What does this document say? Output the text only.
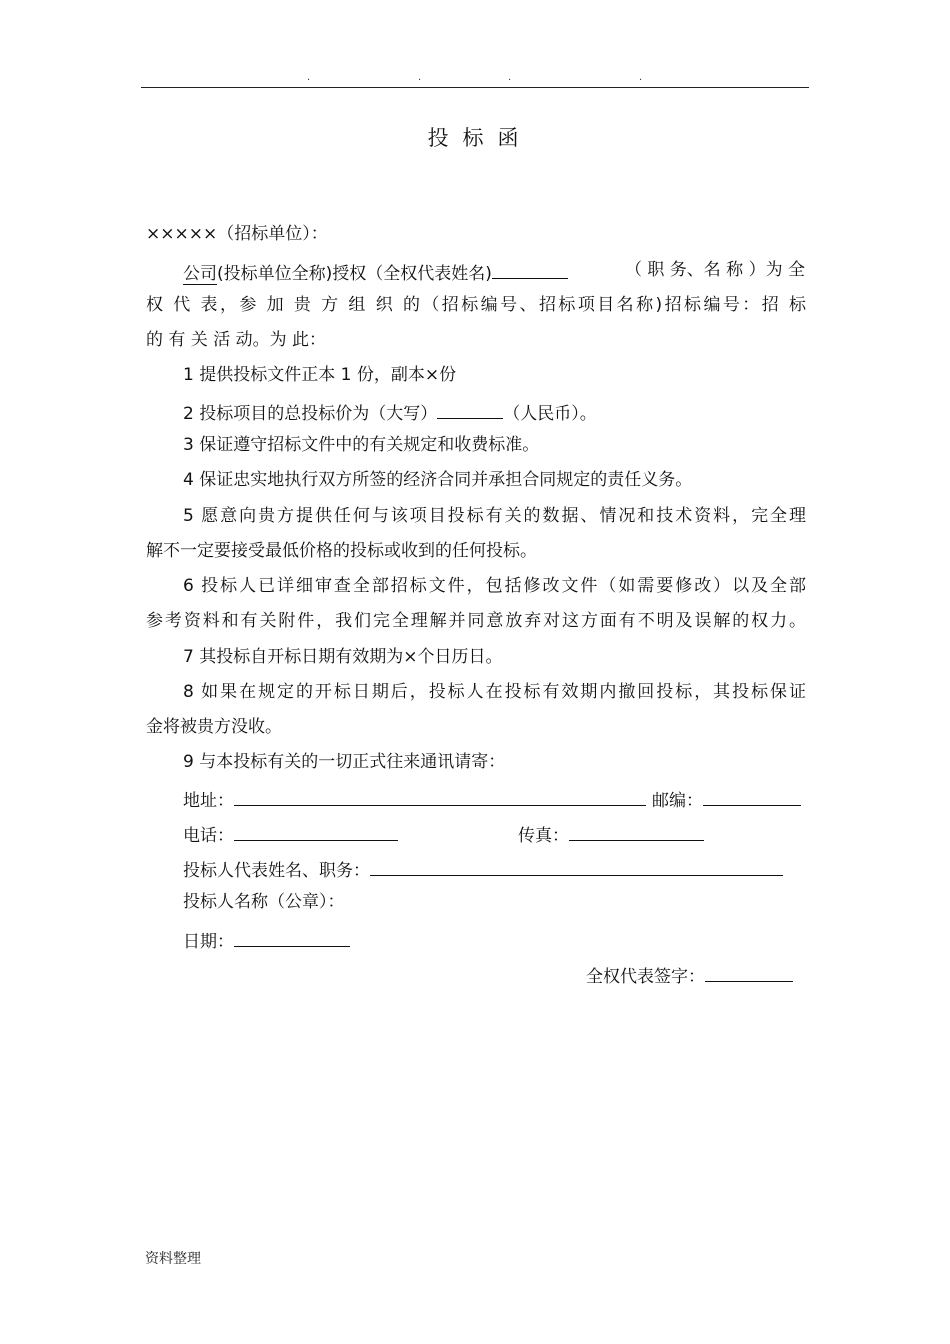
.	.	.	.
投标函
×××××（招标单位）：
公司(投标单位全称)授权（全权代表姓名)	（ 职 务、名 称 ）为 全
权 代 表，参 加 贵 方 组 织 的（招标编号、招标项目名称)招标编号：招 标
的 有 关 活 动。为 此：
1 提供投标文件正本 1 份，副本×份
2 投标项目的总投标价为（大写）	（人民币）。
3 保证遵守招标文件中的有关规定和收费标准。
4 保证忠实地执行双方所签的经济合同并承担合同规定的责任义务。
5 愿意向贵方提供任何与该项目投标有关的数据、情况和技术资料，完全理
解不一定要接受最低价格的投标或收到的任何投标。
6 投标人已详细审查全部招标文件，包括修改文件（如需要修改）以及全部
参考资料和有关附件，我们完全理解并同意放弃对这方面有不明及误解的权力。
7 其投标自开标日期有效期为×个日历日。
8 如果在规定的开标日期后，投标人在投标有效期内撤回投标，其投标保证
金将被贵方没收。
9 与本投标有关的一切正式往来通讯请寄：
地址：	邮编：
电话：	传真：
投标人代表姓名、职务：
投标人名称（公章）：
日期：
全权代表签字：
资料整理
